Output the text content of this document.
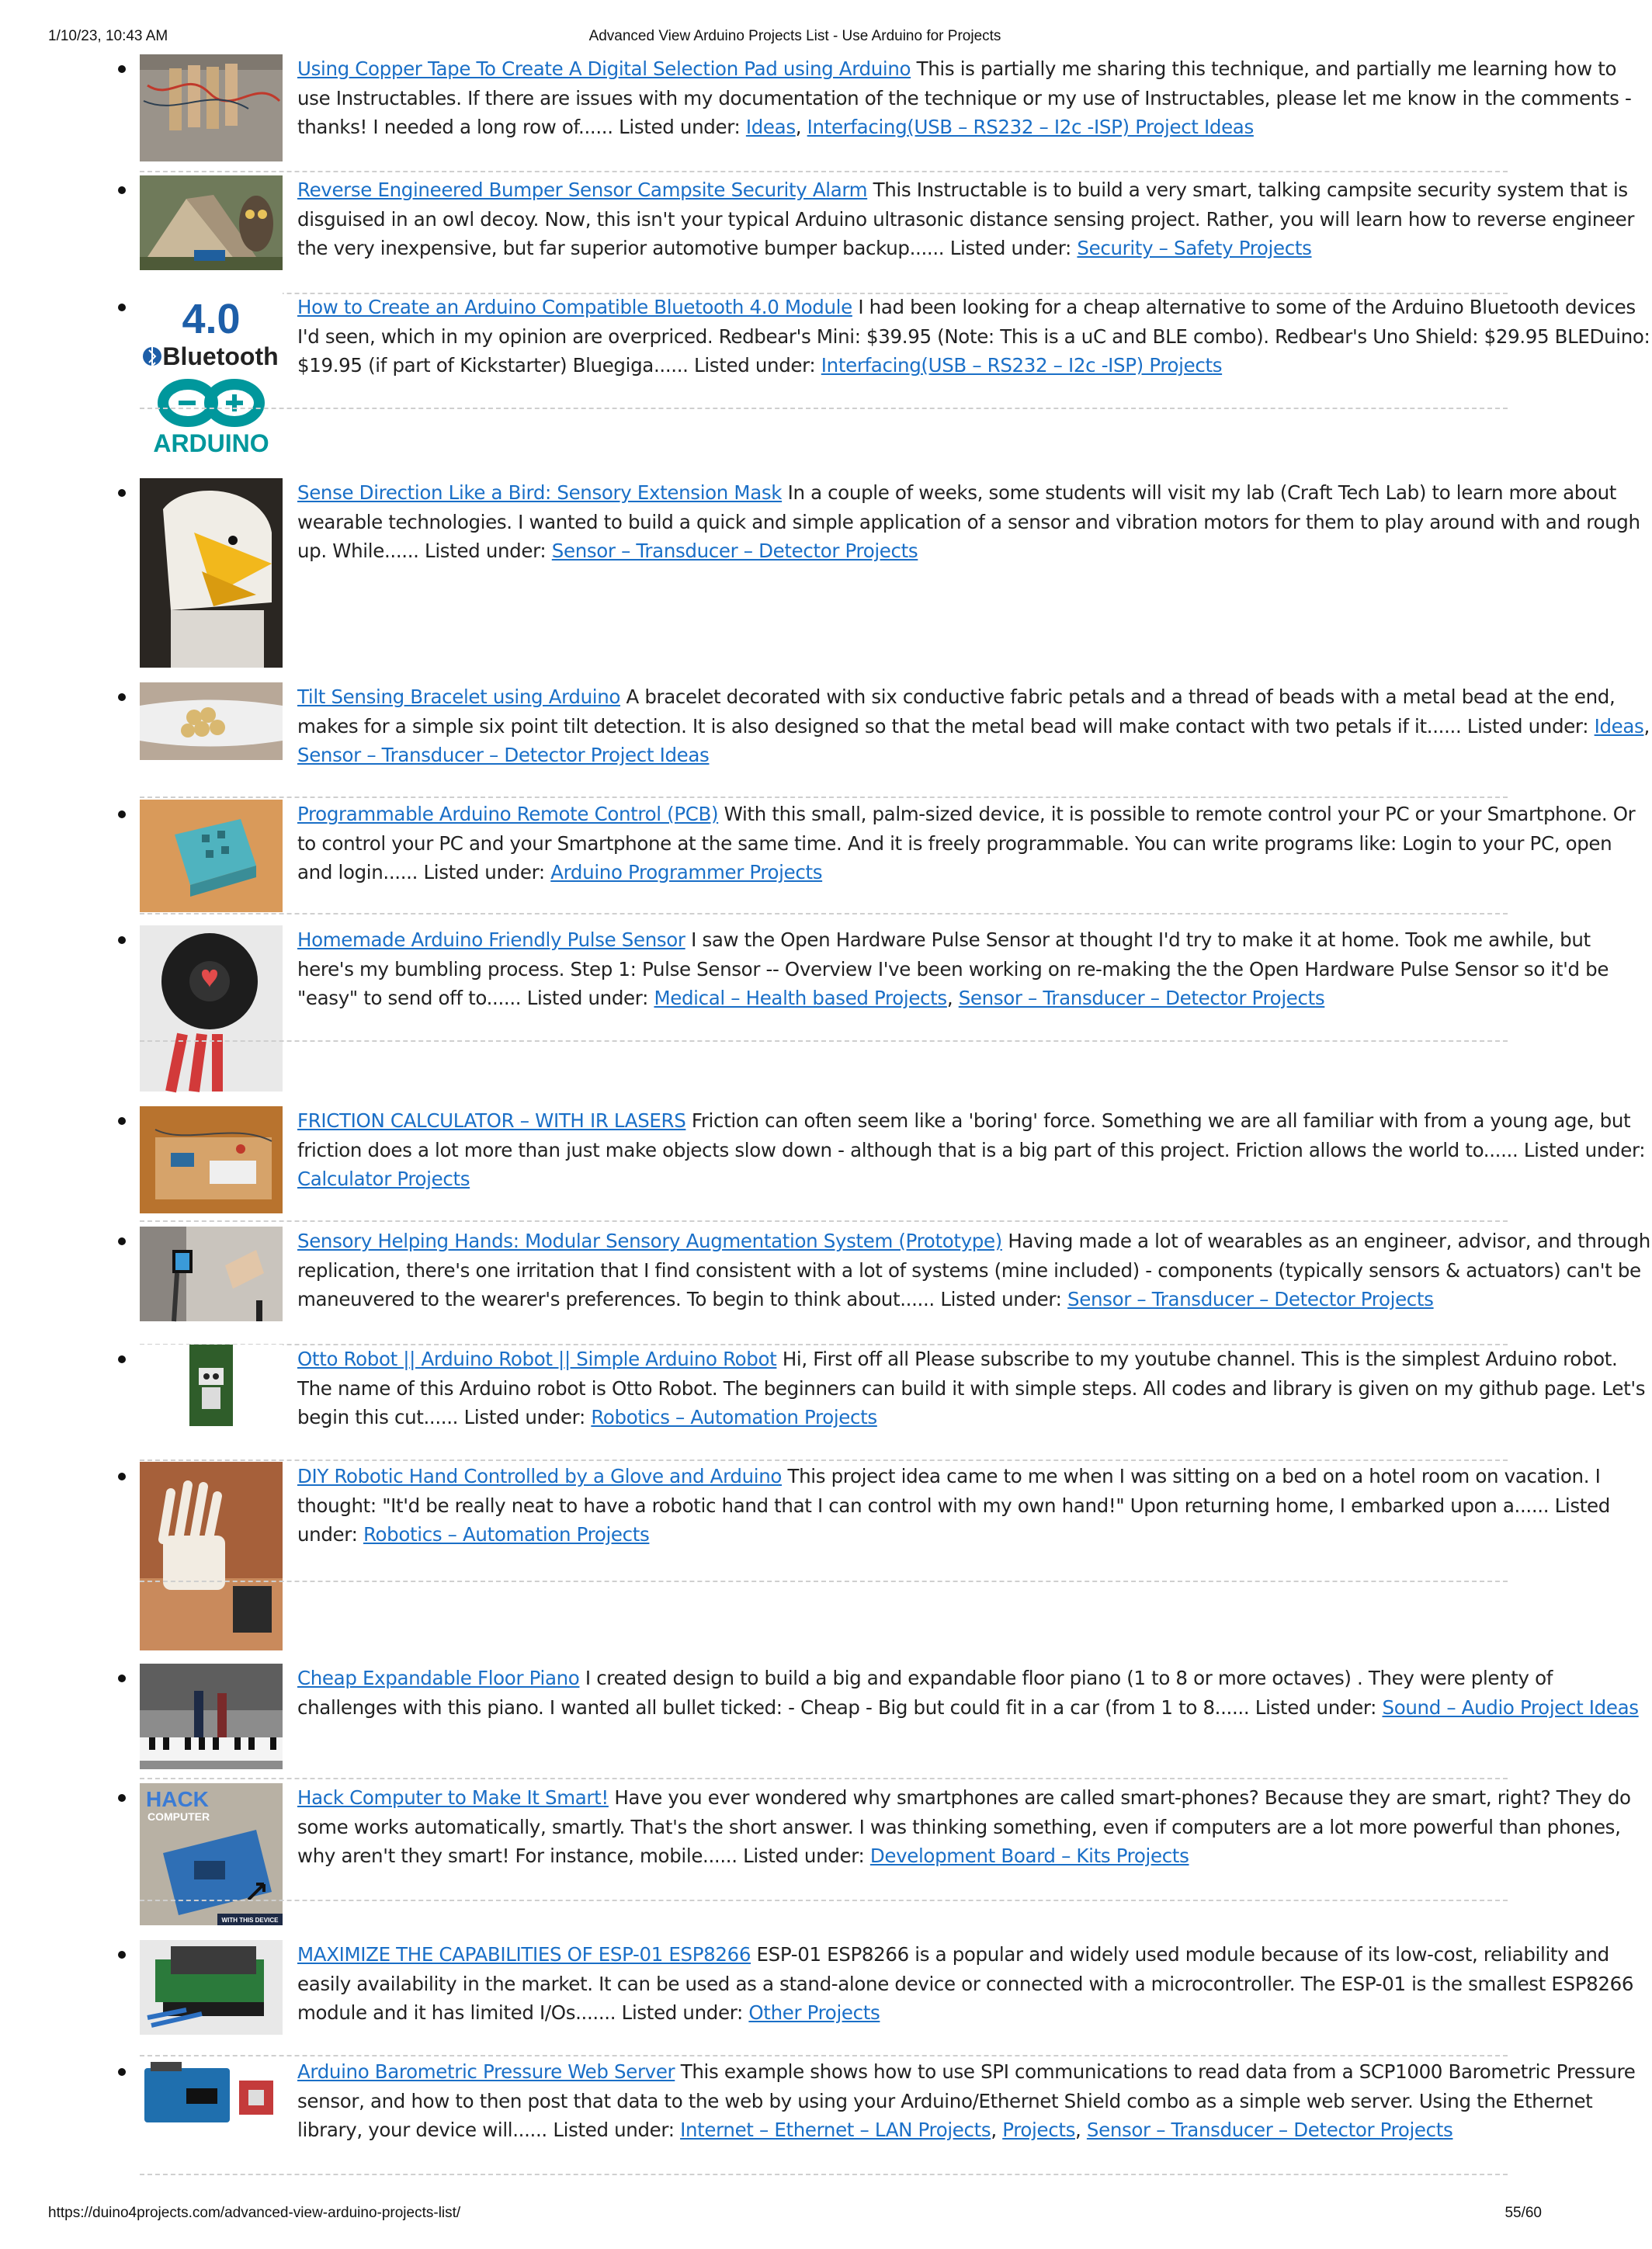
1/10/23, 10:43 AM	Advanced View Arduino Projects List - Use Arduino for Projects
Using Copper Tape To Create A Digital Selection Pad using Arduino This is partially me sharing this technique, and partially me learning how to use Instructables. If there are issues with my documentation of the technique or my use of Instructables, please let me know in the comments - thanks! I needed a long row of...... Listed under: Ideas, Interfacing(USB – RS232 – I2c -ISP) Project Ideas
Reverse Engineered Bumper Sensor Campsite Security Alarm This Instructable is to build a very smart, talking campsite security system that is disguised in an owl decoy. Now, this isn't your typical Arduino ultrasonic distance sensing project. Rather, you will learn how to reverse engineer the very inexpensive, but far superior automotive bumper backup...... Listed under: Security – Safety Projects
4.0
Bluetooth
ARDUINO
How to Create an Arduino Compatible Bluetooth 4.0 Module I had been looking for a cheap alternative to some of the Arduino Bluetooth devices I'd seen, which in my opinion are overpriced. Redbear's Mini: $39.95 (Note: This is a uC and BLE combo). Redbear's Uno Shield: $29.95 BLEDuino: $19.95 (if part of Kickstarter) Bluegiga...... Listed under: Interfacing(USB – RS232 – I2c -ISP) Projects
Sense Direction Like a Bird: Sensory Extension Mask In a couple of weeks, some students will visit my lab (Craft Tech Lab) to learn more about wearable technologies. I wanted to build a quick and simple application of a sensor and vibration motors for them to play around with and rough up. While...... Listed under: Sensor – Transducer – Detector Projects
Tilt Sensing Bracelet using Arduino A bracelet decorated with six conductive fabric petals and a thread of beads with a metal bead at the end, makes for a simple six point tilt detection. It is also designed so that the metal bead will make contact with two petals if it...... Listed under: Ideas, Sensor – Transducer – Detector Project Ideas
Programmable Arduino Remote Control (PCB) With this small, palm-sized device, it is possible to remote control your PC or your Smartphone. Or to control your PC and your Smartphone at the same time. And it is freely programmable. You can write programs like: Login to your PC, open and login...... Listed under: Arduino Programmer Projects
Homemade Arduino Friendly Pulse Sensor I saw the Open Hardware Pulse Sensor at thought I'd try to make it at home. Took me awhile, but here's my bumbling process. Step 1: Pulse Sensor -- Overview I've been working on re-making the the Open Hardware Pulse Sensor so it'd be "easy" to send off to...... Listed under: Medical – Health based Projects, Sensor – Transducer – Detector Projects
FRICTION CALCULATOR – WITH IR LASERS Friction can often seem like a 'boring' force. Something we are all familiar with from a young age, but friction does a lot more than just make objects slow down - although that is a big part of this project. Friction allows the world to...... Listed under: Calculator Projects
Sensory Helping Hands: Modular Sensory Augmentation System (Prototype) Having made a lot of wearables as an engineer, advisor, and through replication, there's one irritation that I find consistent with a lot of systems (mine included) - components (typically sensors & actuators) can't be maneuvered to the wearer's preferences. To begin to think about...... Listed under: Sensor – Transducer – Detector Projects
Otto Robot || Arduino Robot || Simple Arduino Robot Hi, First off all Please subscribe to my youtube channel. This is the simplest Arduino robot. The name of this Arduino robot is Otto Robot. The beginners can build it with simple steps. All codes and library is given on my github page. Let's begin this cut...... Listed under: Robotics – Automation Projects
DIY Robotic Hand Controlled by a Glove and Arduino This project idea came to me when I was sitting on a bed on a hotel room on vacation. I thought: "It'd be really neat to have a robotic hand that I can control with my own hand!" Upon returning home, I embarked upon a...... Listed under: Robotics – Automation Projects
Cheap Expandable Floor Piano I created design to build a big and expandable floor piano (1 to 8 or more octaves) . They were plenty of challenges with this piano. I wanted all bullet ticked: - Cheap - Big but could fit in a car (from 1 to 8...... Listed under: Sound – Audio Project Ideas
HACK
COMPUTER
WITH THIS DEVICE
Hack Computer to Make It Smart! Have you ever wondered why smartphones are called smart-phones? Because they are smart, right? They do some works automatically, smartly. That's the short answer. I was thinking something, even if computers are a lot more powerful than phones, why aren't they smart! For instance, mobile...... Listed under: Development Board – Kits Projects
MAXIMIZE THE CAPABILITIES OF ESP-01 ESP8266 ESP-01 ESP8266 is a popular and widely used module because of its low-cost, reliability and easily availability in the market. It can be used as a stand-alone device or connected with a microcontroller. The ESP-01 is the smallest ESP8266 module and it has limited I/Os....... Listed under: Other Projects
Arduino Barometric Pressure Web Server This example shows how to use SPI communications to read data from a SCP1000 Barometric Pressure sensor, and how to then post that data to the web by using your Arduino/Ethernet Shield combo as a simple web server. Using the Ethernet library, your device will...... Listed under: Internet – Ethernet – LAN Projects, Projects, Sensor – Transducer – Detector Projects
https://duino4projects.com/advanced-view-arduino-projects-list/	55/60
